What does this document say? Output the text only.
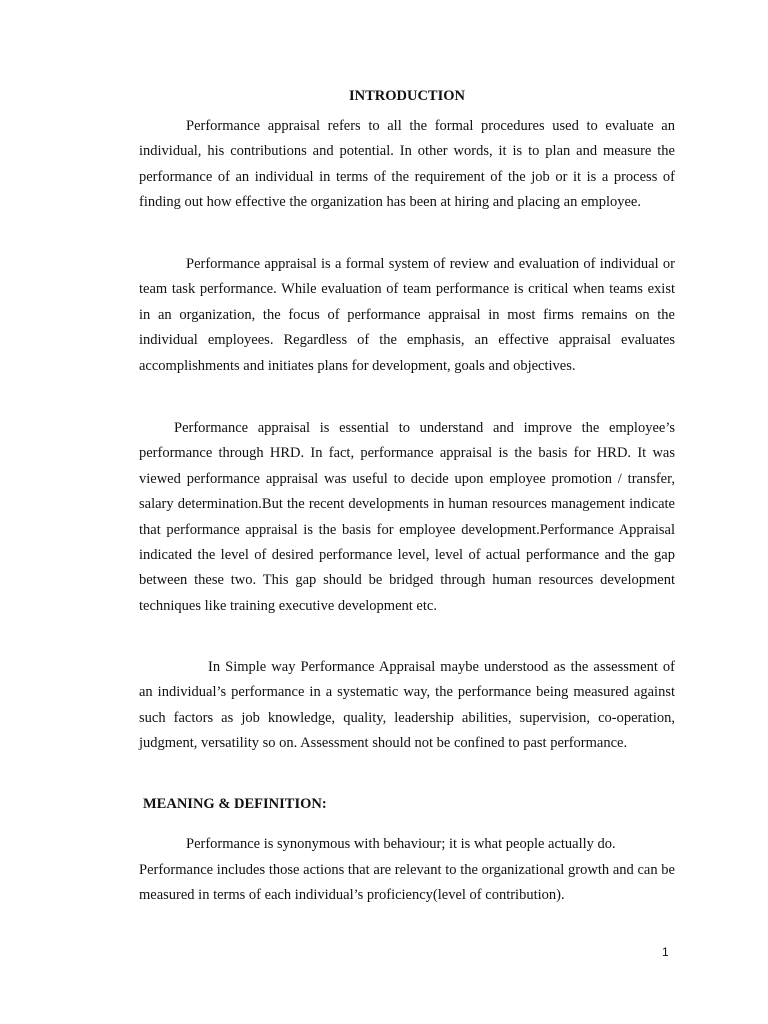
INTRODUCTION

Performance appraisal refers to all the formal procedures used to evaluate an individual, his contributions and potential. In other words, it is to plan and measure the performance of an individual in terms of the requirement of the job or it is a process of finding out how effective the organization has been at hiring and placing an employee.

Performance appraisal is a formal system of review and evaluation of individual or team task performance. While evaluation of team performance is critical when teams exist in an organization, the focus of performance appraisal in most firms remains on the individual employees. Regardless of the emphasis, an effective appraisal evaluates accomplishments and initiates plans for development, goals and objectives.

Performance appraisal is essential to understand and improve the employee’s performance through HRD. In fact, performance appraisal is the basis for HRD. It was viewed performance appraisal was useful to decide upon employee promotion / transfer, salary determination.But the recent developments in human resources management indicate that performance appraisal is the basis for employee development.Performance Appraisal indicated the level of desired performance level, level of actual performance and the gap between these two. This gap should be bridged through human resources development techniques like training executive development etc.

In Simple way Performance Appraisal maybe understood as the assessment of an individual’s performance in a systematic way, the performance being measured against such factors as job knowledge, quality, leadership abilities, supervision, co-operation, judgment, versatility so on. Assessment should not be confined to past performance.

MEANING & DEFINITION:

Performance is synonymous with behaviour; it is what people actually do.

Performance includes those actions that are relevant to the organizational growth and can be measured in terms of each individual’s proficiency(level of contribution).

1
